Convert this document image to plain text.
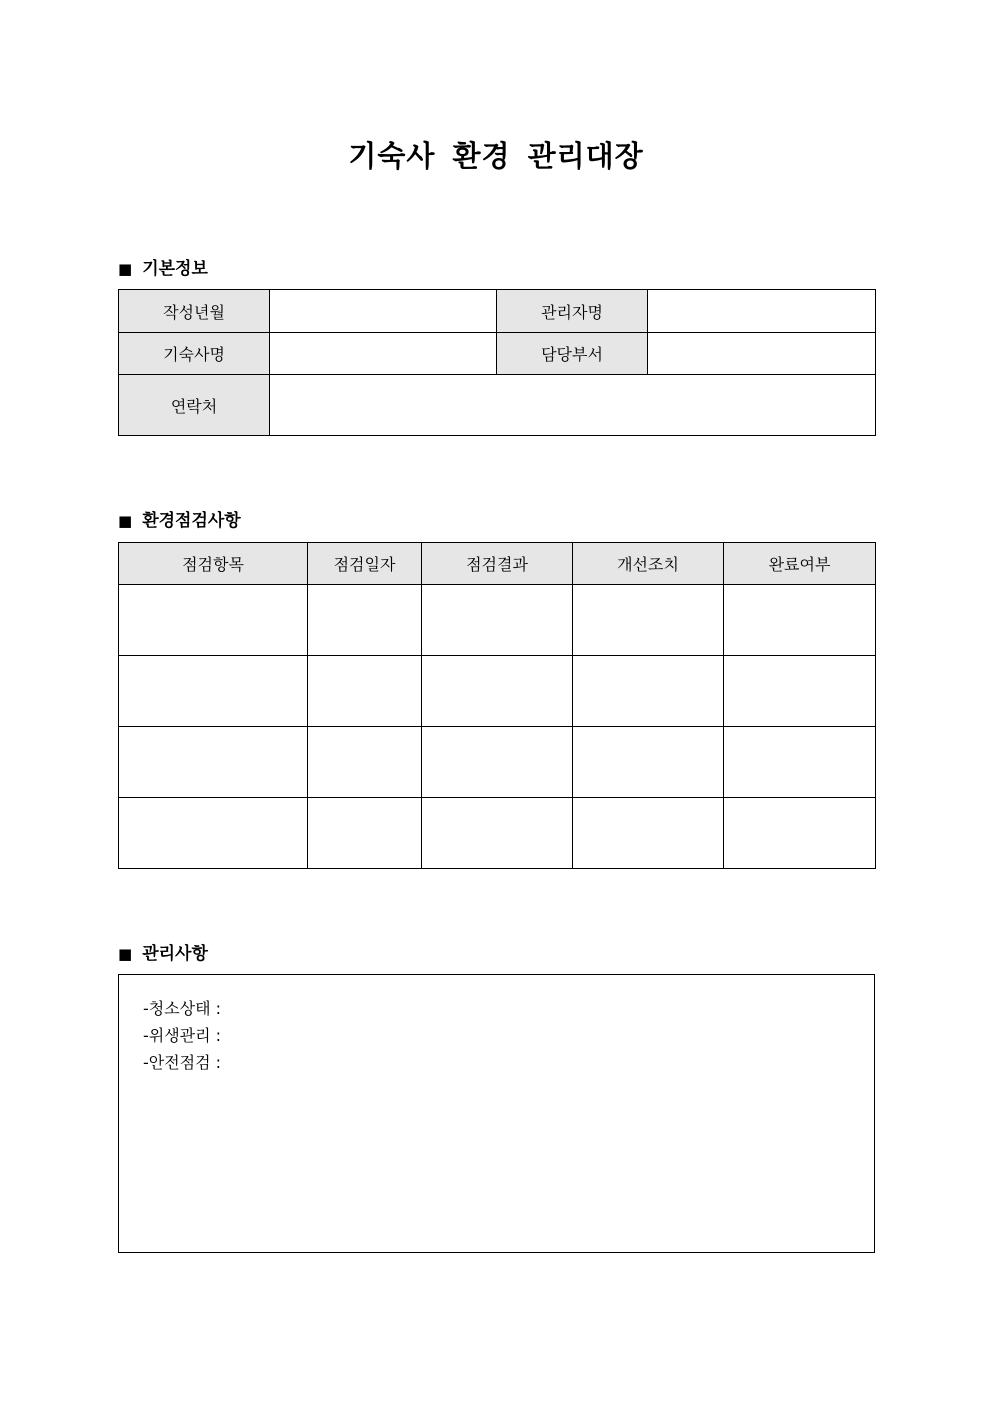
기숙사 환경 관리대장
■ 기본정보
작성년월		관리자명	
기숙사명		담당부서	
연락처			
■ 환경점검사항
점검항목	점검일자	점검결과	개선조치	완료여부

■ 관리사항
-청소상태 :
-위생관리 :
-안전점검 :
